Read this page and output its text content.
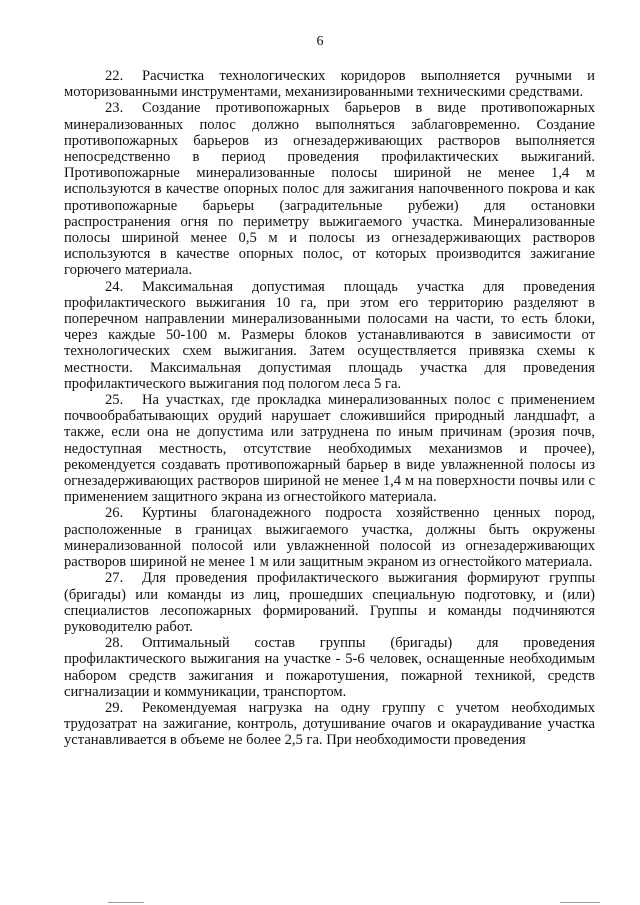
6

22. Расчистка технологических коридоров выполняется ручными и моторизованными инструментами, механизированными техническими средствами.

23. Создание противопожарных барьеров в виде противопожарных минерализованных полос должно выполняться заблаговременно. Создание противопожарных барьеров из огнезадерживающих растворов выполняется непосредственно в период проведения профилактических выжиганий. Противопожарные минерализованные полосы шириной не менее 1,4 м используются в качестве опорных полос для зажигания напочвенного покрова и как противопожарные барьеры (заградительные рубежи) для остановки распространения огня по периметру выжигаемого участка. Минерализованные полосы шириной менее 0,5 м и полосы из огнезадерживающих растворов используются в качестве опорных полос, от которых производится зажигание горючего материала.

24. Максимальная допустимая площадь участка для проведения профилактического выжигания 10 га, при этом его территорию разделяют в поперечном направлении минерализованными полосами на части, то есть блоки, через каждые 50-100 м. Размеры блоков устанавливаются в зависимости от технологических схем выжигания. Затем осуществляется привязка схемы к местности. Максимальная допустимая площадь участка для проведения профилактического выжигания под пологом леса 5 га.

25. На участках, где прокладка минерализованных полос с применением почвообрабатывающих орудий нарушает сложившийся природный ландшафт, а также, если она не допустима или затруднена по иным причинам (эрозия почв, недоступная местность, отсутствие необходимых механизмов и прочее), рекомендуется создавать противопожарный барьер в виде увлажненной полосы из огнезадерживающих растворов шириной не менее 1,4 м на поверхности почвы или с применением защитного экрана из огнестойкого материала.

26. Куртины благонадежного подроста хозяйственно ценных пород, расположенные в границах выжигаемого участка, должны быть окружены минерализованной полосой или увлажненной полосой из огнезадерживающих растворов шириной не менее 1 м или защитным экраном из огнестойкого материала.

27. Для проведения профилактического выжигания формируют группы (бригады) или команды из лиц, прошедших специальную подготовку, и (или) специалистов лесопожарных формирований. Группы и команды подчиняются руководителю работ.

28. Оптимальный состав группы (бригады) для проведения профилактического выжигания на участке - 5-6 человек, оснащенные необходимым набором средств зажигания и пожаротушения, пожарной техникой, средств сигнализации и коммуникации, транспортом.

29. Рекомендуемая нагрузка на одну группу с учетом необходимых трудозатрат на зажигание, контроль, дотушивание очагов и окараудивание участка устанавливается в объеме не более 2,5 га. При необходимости проведения
